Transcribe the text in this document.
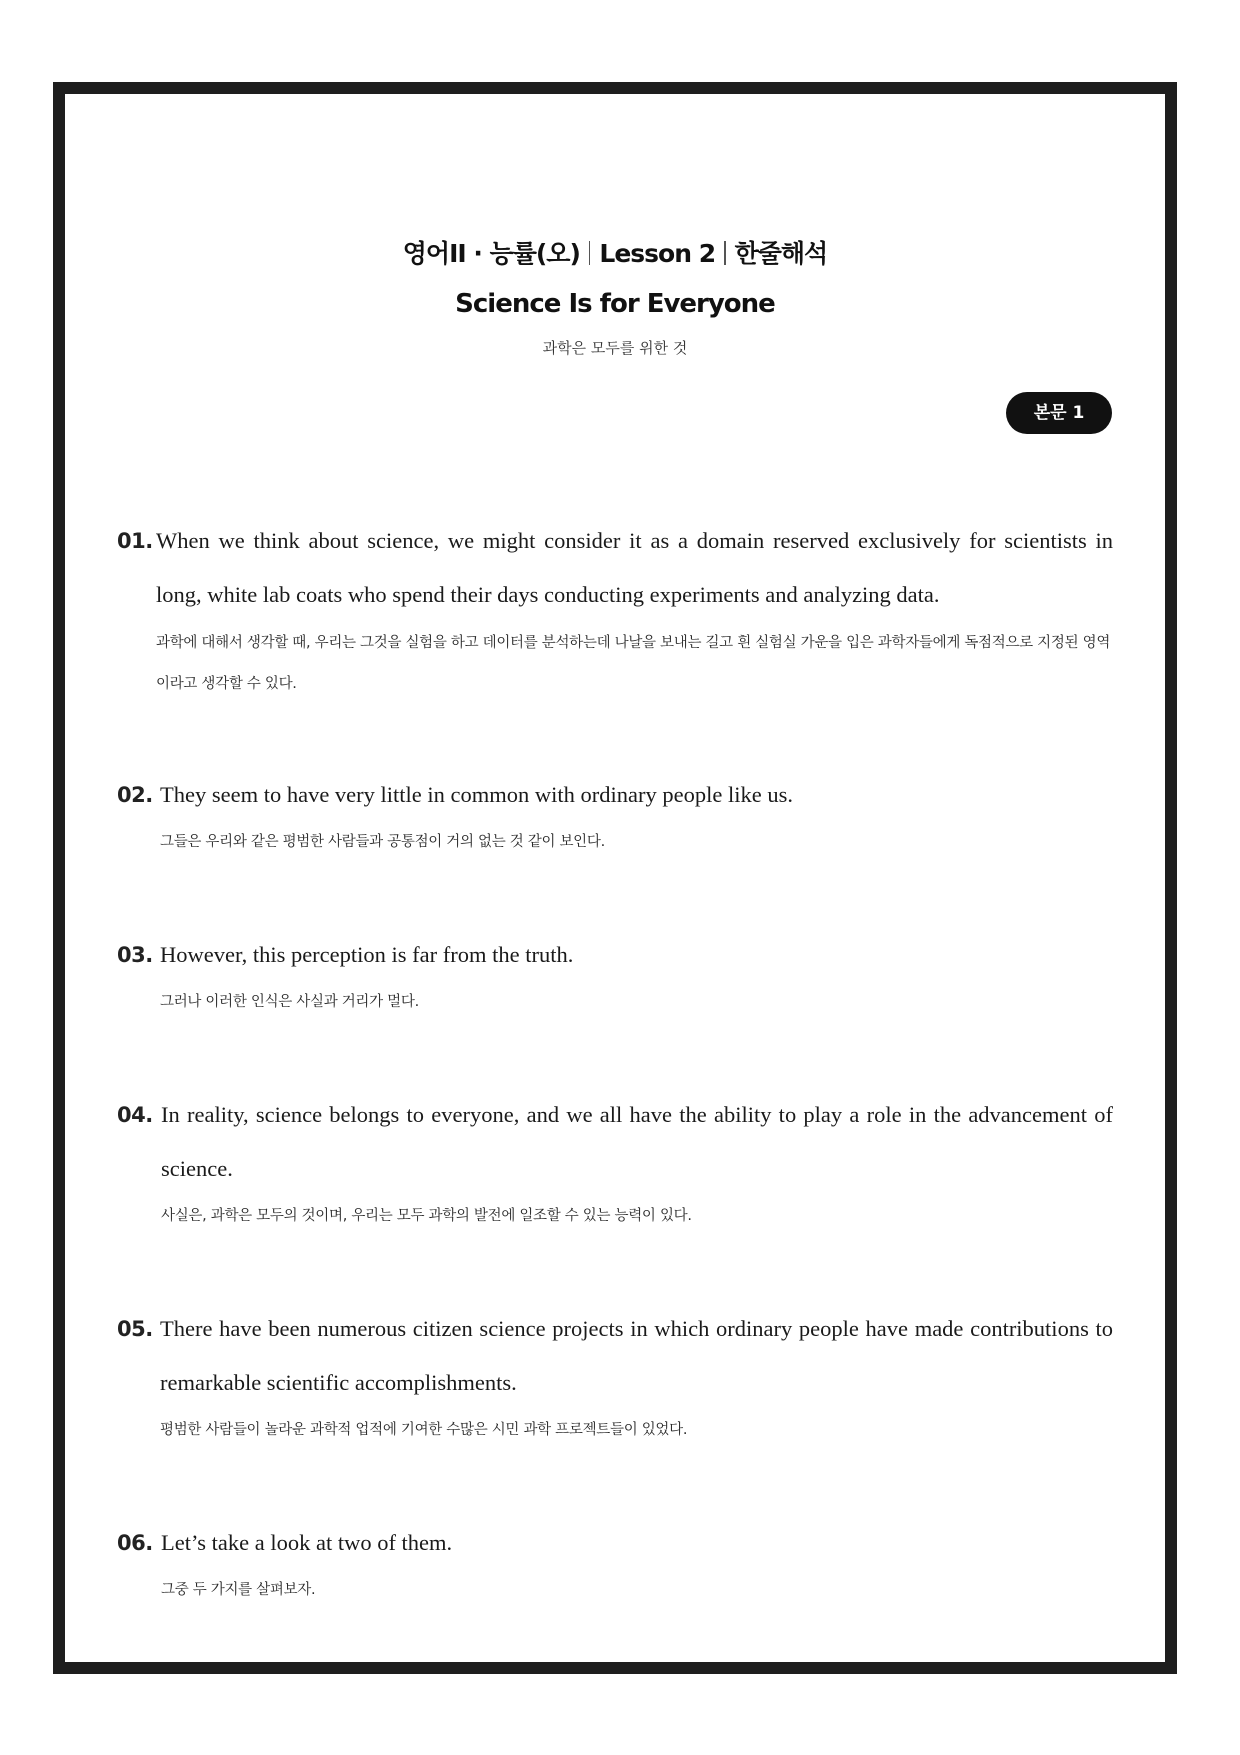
영어II · 능률(오) Lesson 2 한줄해석
Science Is for Everyone
과학은 모두를 위한 것
본문 1
01. When we think about science, we might consider it as a domain reserved exclusively for scientists in long, white lab coats who spend their days conducting experiments and analyzing data.

과학에 대해서 생각할 때, 우리는 그것을 실험을 하고 데이터를 분석하는데 나날을 보내는 길고 흰 실험실 가운을 입은 과학자들에게 독점적으로 지정된 영역이라고 생각할 수 있다.

02. They seem to have very little in common with ordinary people like us.

그들은 우리와 같은 평범한 사람들과 공통점이 거의 없는 것 같이 보인다.

03. However, this perception is far from the truth.

그러나 이러한 인식은 사실과 거리가 멀다.

04. In reality, science belongs to everyone, and we all have the ability to play a role in the advancement of science.

사실은, 과학은 모두의 것이며, 우리는 모두 과학의 발전에 일조할 수 있는 능력이 있다.

05. There have been numerous citizen science projects in which ordinary people have made contributions to remarkable scientific accomplishments.

평범한 사람들이 놀라운 과학적 업적에 기여한 수많은 시민 과학 프로젝트들이 있었다.

06. Let’s take a look at two of them.

그중 두 가지를 살펴보자.
